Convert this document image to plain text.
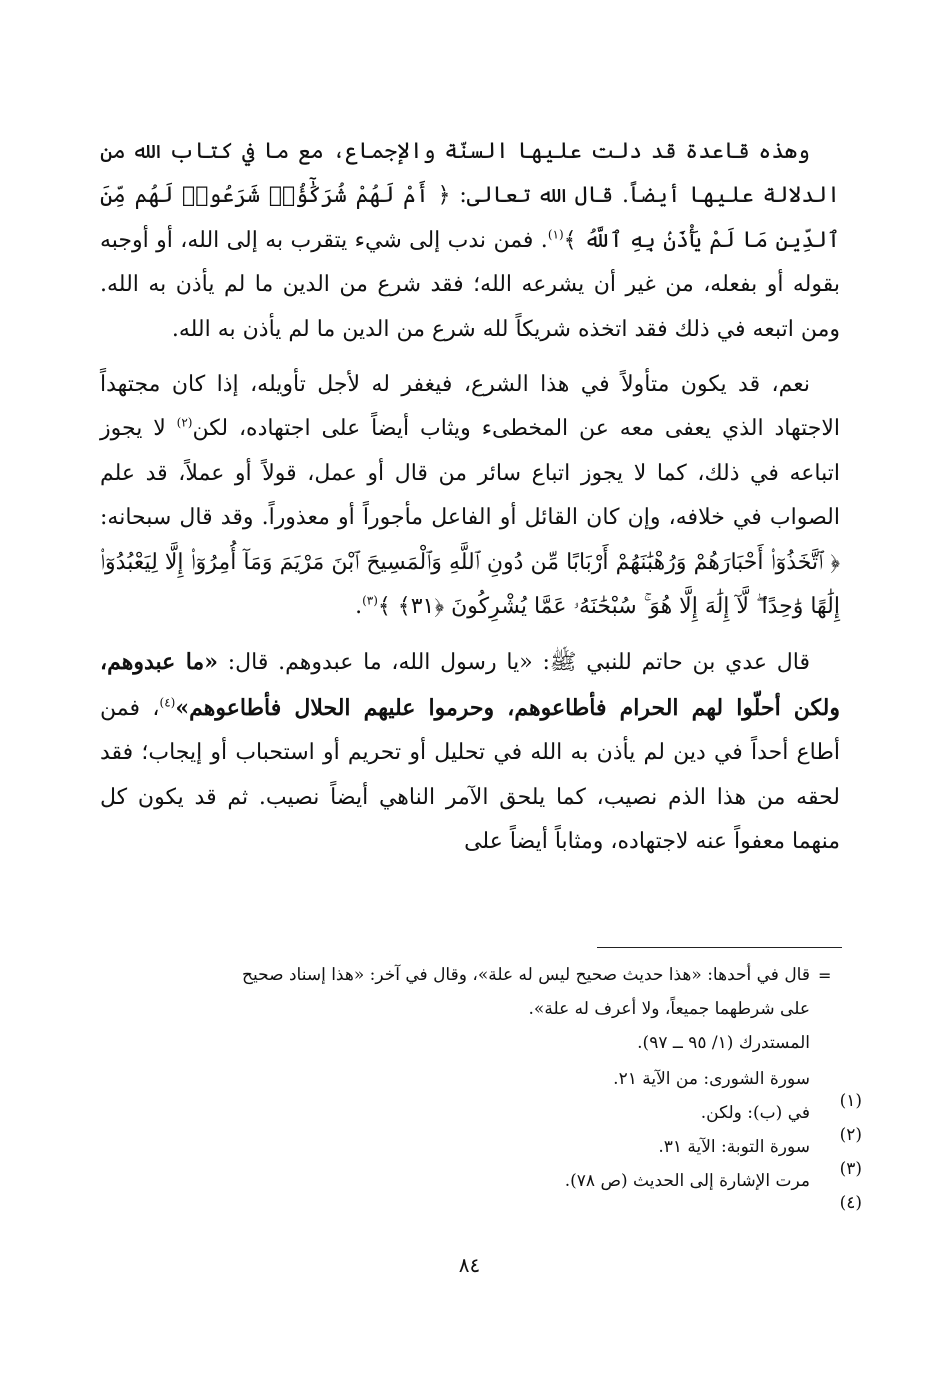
وهذه قاعدة قد دلت عليها السنّة والإجماع، مع ما في كتاب الله من الدلالة عليها أيضاً. قال الله تعالى: ﴿ أَمْ لَهُمْ شُرَكَٰٓؤُا۟ شَرَعُوا۟ لَهُم مِّنَ ٱلدِّينِ مَا لَمْ يَأْذَنۢ بِهِ ٱللَّهُ ﴾$^{(١)}$. فمن ندب إلى شيء يتقرب به إلى الله، أو أوجبه بقوله أو بفعله، من غير أن يشرعه الله؛ فقد شرع من الدين ما لم يأذن به الله. ومن اتبعه في ذلك فقد اتخذه شريكاً لله شرع من الدين ما لم يأذن به الله.

نعم، قد يكون متأولاً في هذا الشرع، فيغفر له لأجل تأويله، إذا كان مجتهداً الاجتهاد الذي يعفى معه عن المخطىء ويثاب أيضاً على اجتهاده، لكن$^{(٢)}$ لا يجوز اتباعه في ذلك، كما لا يجوز اتباع سائر من قال أو عمل، قولاً أو عملاً، قد علم الصواب في خلافه، وإن كان القائل أو الفاعل مأجوراً أو معذوراً. وقد قال سبحانه: ﴿ ٱتَّخَذُوٓا۟ أَحْبَارَهُمْ وَرُهْبَٰنَهُمْ أَرْبَابًا مِّن دُونِ ٱللَّهِ وَٱلْمَسِيحَ ٱبْنَ مَرْيَمَ وَمَآ أُمِرُوٓا۟ إِلَّا لِيَعْبُدُوٓا۟ إِلَٰهًا وَٰحِدًا ۖ لَّآ إِلَٰهَ إِلَّا هُوَ ۚ سُبْحَٰنَهُۥ عَمَّا يُشْرِكُونَ ﴿٣١﴾ ﴾$^{(٣)}$.

قال عدي بن حاتم للنبي ﷺ: «يا رسول الله، ما عبدوهم. قال: «ما عبدوهم، ولكن أحلّوا لهم الحرام فأطاعوهم، وحرموا عليهم الحلال فأطاعوهم»$^{(٤)}$، فمن أطاع أحداً في دين لم يأذن به الله في تحليل أو تحريم أو استحباب أو إيجاب؛ فقد لحقه من هذا الذم نصيب، كما يلحق الآمر الناهي أيضاً نصيب. ثم قد يكون كل منهما معفواً عنه لاجتهاده، ومثاباً أيضاً على

=

قال في أحدها: «هذا حديث صحيح ليس له علة»، وقال في آخر: «هذا إسناد صحيح

على شرطهما جميعاً، ولا أعرف له علة».

المستدرك (١/ ٩٥ ــ ٩٧).

(١)
سورة الشورى: من الآية ٢١.
(٢)
في (ب): ولكن.
(٣)
سورة التوبة: الآية ٣١.
(٤)
مرت الإشارة إلى الحديث (ص ٧٨).
٨٤
